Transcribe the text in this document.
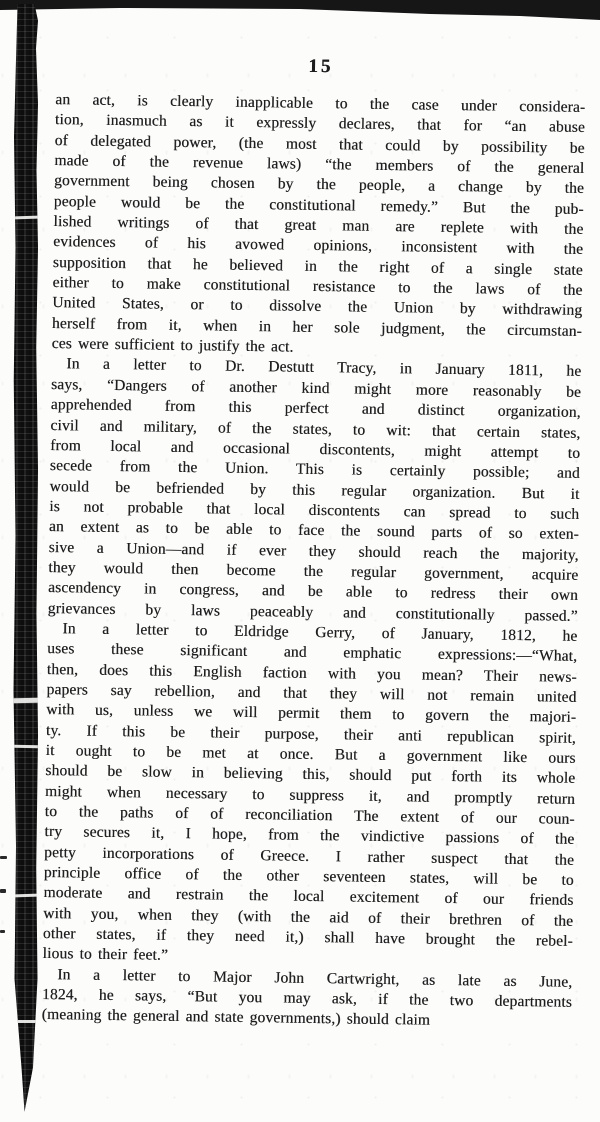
15
an act, is clearly inapplicable to the case under considera-
tion, inasmuch as it expressly declares, that for “an abuse
of delegated power, (the most that could by possibility be
made of the revenue laws) “the members of the general
government being chosen by the people, a change by the
people would be the constitutional remedy.” But the pub-
lished writings of that great man are replete with the
evidences of his avowed opinions, inconsistent with the
supposition that he believed in the right of a single state
either to make constitutional resistance to the laws of the
United States, or to dissolve the Union by withdrawing
herself from it, when in her sole judgment, the circumstan-
ces were sufficient to justify the act.
In a letter to Dr. Destutt Tracy, in January 1811, he
says, “Dangers of another kind might more reasonably be
apprehended from this perfect and distinct organization,
civil and military, of the states, to wit: that certain states,
from local and occasional discontents, might attempt to
secede from the Union. This is certainly possible; and
would be befriended by this regular organization. But it
is not probable that local discontents can spread to such
an extent as to be able to face the sound parts of so exten-
sive a Union—and if ever they should reach the majority,
they would then become the regular government, acquire
ascendency in congress, and be able to redress their own
grievances by laws peaceably and constitutionally passed.”
In a letter to Eldridge Gerry, of January, 1812, he
uses these significant and emphatic expressions:—“What,
then, does this English faction with you mean? Their news-
papers say rebellion, and that they will not remain united
with us, unless we will permit them to govern the majori-
ty. If this be their purpose, their anti republican spirit,
it ought to be met at once. But a government like ours
should be slow in believing this, should put forth its whole
might when necessary to suppress it, and promptly return
to the paths of of reconciliation The extent of our coun-
try secures it, I hope, from the vindictive passions of the
petty incorporations of Greece. I rather suspect that the
principle office of the other seventeen states, will be to
moderate and restrain the local excitement of our friends
with you, when they (with the aid of their brethren of the
other states, if they need it,) shall have brought the rebel-
lious to their feet.”
In a letter to Major John Cartwright, as late as June,
1824, he says, “But you may ask, if the two departments
(meaning the general and state governments,) should claim
